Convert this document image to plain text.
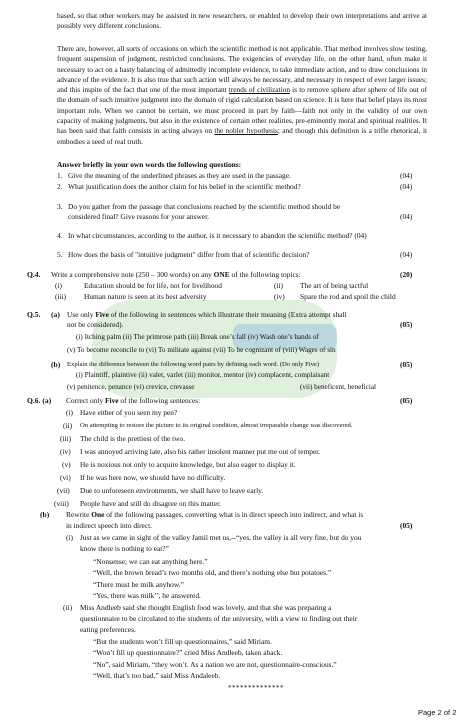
based, so that other workers may be assisted in new researchers, or enabled to develop their own interpretations and arrive at possibly very different conclusions.
There are, however, all sorts of occasions on which the scientific method is not applicable. That method involves slow testing, frequent suspension of judgment, restricted conclusions. The exigencies of everyday life, on the other hand, often make it necessary to act on a hasty balancing of admittedly incomplete evidence, to take immediate action, and to draw conclusions in advance of the evidence. It is also true that such action will always be necessary, and necessary in respect of ever larger issues; and this inspite of the fact that one of the most important trends of civilization is to remove sphere after sphere of life out of the domain of such intuitive judgment into the domain of rigid calculation based on science. It is here that belief plays its most important role. When we cannot be certain, we must proceed in part by faith—faith not only in the validity of our own capacity of making judgments, but also in the existence of certain other realities, pre-eminently moral and spiritual realities. It has been said that faith consists in acting always on the nobler hypothesis; and though this definition is a trifle rhetorical, it embodies a seed of real truth.
Answer briefly in your own words the following questions:
1. Give the meaning of the underlined phrases as they are used in the passage.	(04)
2. What justification does the author claim for his belief in the scientific method?	(04)
3. Do you gather from the passage that conclusions reached by the scientific method should be
considered final? Give reasons for your answer.	(04)
4. In what circumstances, according to the author, is it necessary to abandon the scientific method? (04)
5. How does the basis of "intuitive judgment" differ from that of scientific decision?	(04)
Q.4. Write a comprehensive note (250 – 300 words) on any ONE of the following topics:	(20)
(i)	Education should be for life, not for livelihood	(ii) The art of being tactful
(iii) Human nature is seen at its best adversity	(iv) Spare the rod and spoil the child
Q.5. (a) Use only Five of the following in sentences which illustrate their meaning (Extra attempt shall
not be considered).	(05)
(i) Itching palm (ii) The primrose path (iii) Break one’s fall (iv) Wash one’s hands of
(v) To become reconcile to (vi) To militate against (vii) To be cognizant of (viii) Wages of sin
(b) Explain the difference between the following word pairs by defining each word. (Do only Five)	(05)
(i) Plaintiff, plaintive (ii) valet, varlet (iii) monitor, mentor (iv) complacent, complaisant
(v) penitence, penance (vi) crevice, crevasse	(vii) beneficent, beneficial
Q.6. (a) Correct only Five of the following sentences:	(05)
(i) Have either of you seen my pen?
(ii) On attempting to restore the picture to its original condition, almost irreparable change was discovered.
(iii) The child is the prettiest of the two.
(iv) I was annoyed arriving late, also his rather insolent manner put me out of temper.
(v) He is noxious not only to acquire knowledge, but also eager to display it.
(vi) If he was here now, we should have no difficulty.
(vii) Due to unforeseen environments, we shall have to leave early.
(viii) People have and still do disagree on this matter.
(b) Rewrite One of the following passages, converting what is in direct speech into indirect, and what is
in indirect speech into direct.	(05)
(i) Just as we came in sight of the valley Jamil met us,--“yes, the valley is all very fine, but do you
know there is nothing to eat?”
“Nonsense; we can eat anything here.”
“Well, the brown bread’s two months old, and there’s nothing else but potatoes.”
“There must be milk anyhow.”
“Yes, there was milk’’, he answered.
(ii) Miss Andleeb said she thought English food was lovely, and that she was preparing a
questionnaire to be circulated to the students of the university, with a view to finding out their
eating preferences.
“But the students won’t fill up questionnaires,” said Miriam.
“Won’t fill up questionnaire?” cried Miss Andleeb, taken aback.
“No”, said Miriam, “they won’t. As a nation we are not, questionnaire-conscious.”
“Well, that’s too bad,” said Miss Andaleeb.
**************
Page 2 of 2
